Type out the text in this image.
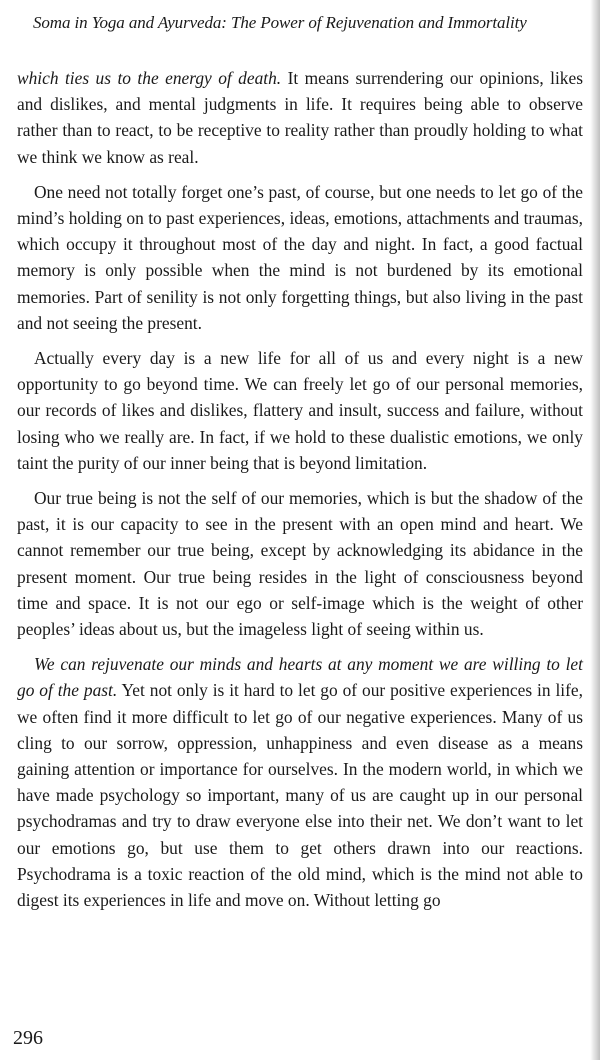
Soma in Yoga and Ayurveda: The Power of Rejuvenation and Immortality

which ties us to the energy of death. It means surrendering our opinions, likes and dislikes, and mental judgments in life. It requires being able to observe rather than to react, to be receptive to reality rather than proudly holding to what we think we know as real.

One need not totally forget one’s past, of course, but one needs to let go of the mind’s holding on to past experiences, ideas, emotions, attachments and traumas, which occupy it throughout most of the day and night. In fact, a good factual memory is only possible when the mind is not burdened by its emotional memories. Part of senility is not only forgetting things, but also living in the past and not seeing the present.

Actually every day is a new life for all of us and every night is a new opportunity to go beyond time. We can freely let go of our personal memories, our records of likes and dislikes, flattery and insult, success and failure, without losing who we really are. In fact, if we hold to these dualistic emotions, we only taint the purity of our inner being that is beyond limitation.

Our true being is not the self of our memories, which is but the shadow of the past, it is our capacity to see in the present with an open mind and heart. We cannot remember our true being, except by acknowledging its abidance in the present moment. Our true being resides in the light of consciousness beyond time and space. It is not our ego or self-image which is the weight of other peoples’ ideas about us, but the imageless light of seeing within us.

We can rejuvenate our minds and hearts at any moment we are willing to let go of the past. Yet not only is it hard to let go of our positive experiences in life, we often find it more difficult to let go of our negative experiences. Many of us cling to our sorrow, oppression, unhappiness and even disease as a means gaining attention or importance for ourselves. In the modern world, in which we have made psychology so important, many of us are caught up in our personal psychodramas and try to draw everyone else into their net. We don’t want to let our emotions go, but use them to get others drawn into our reactions. Psychodrama is a toxic reaction of the old mind, which is the mind not able to digest its experiences in life and move on. Without letting go

296
